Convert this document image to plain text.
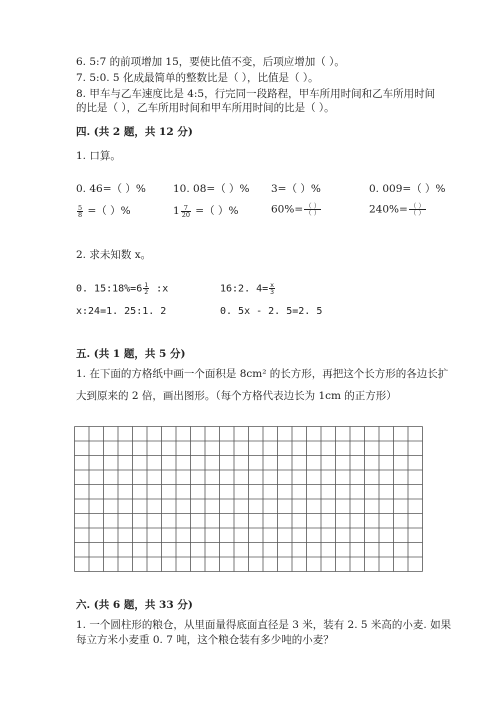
6. 5:7 的前项增加 15，要使比值不变，后项应增加（ ）。
7. 5:0. 5 化成最简单的整数比是（ ），比值是（ ）。
8. 甲车与乙车速度比是 4:5，行完同一段路程，甲车所用时间和乙车所用时间
的比是（ ），乙车所用时间和甲车所用时间的比是（ ）。
四. (共 2 题，共 12 分)
1. 口算。
0. 46=（ ）%	10. 08=（ ）% 3=（ ）%	0. 009=（ ）%
$\frac{5}{8}$ =（ ）%	$1 \frac{7}{20}$ =（ ）%	$60\%= \frac{( )}{( )}$	$240\%= \frac{( )}{( )}$
2. 求未知数 x。
0. 15:18%=6 $\frac{1}{2}$ :x	16:2. $4= \frac{x}{3}$
x:24=1. 25:1. 2	0. 5x - 2. 5=2. 5
五. (共 1 题，共 5 分)
1. 在下面的方格纸中画一个面积是 8cm² 的长方形，再把这个长方形的各边长扩
大到原来的 2 倍，画出图形。（每个方格代表边长为 1cm 的正方形）
六. (共 6 题，共 33 分)
1. 一个圆柱形的粮仓，从里面量得底面直径是 3 米，装有 2. 5 米高的小麦. 如果
每立方米小麦重 0. 7 吨，这个粮仓装有多少吨的小麦？
